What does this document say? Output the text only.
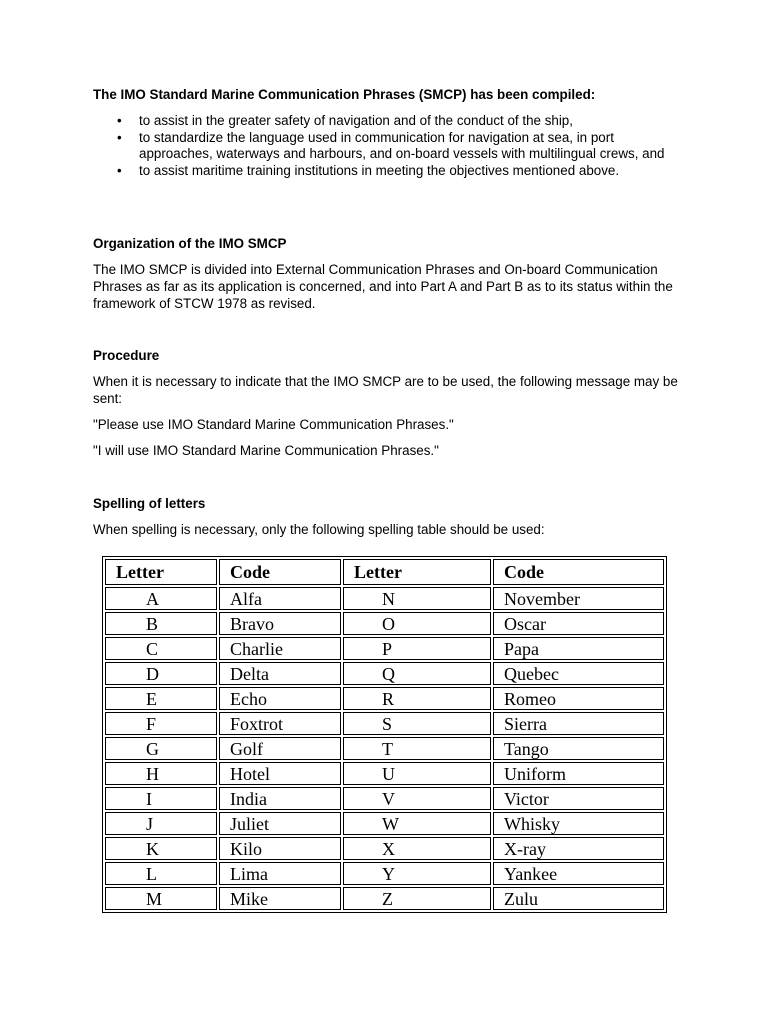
The IMO Standard Marine Communication Phrases (SMCP) has been compiled:

• to assist in the greater safety of navigation and of the conduct of the ship,
• to standardize the language used in communication for navigation at sea, in port approaches, waterways and harbours, and on-board vessels with multilingual crews, and
• to assist maritime training institutions in meeting the objectives mentioned above.

Organization of the IMO SMCP

The IMO SMCP is divided into External Communication Phrases and On-board Communication Phrases as far as its application is concerned, and into Part A and Part B as to its status within the framework of STCW 1978 as revised.

Procedure

When it is necessary to indicate that the IMO SMCP are to be used, the following message may be sent:

"Please use IMO Standard Marine Communication Phrases."

"I will use IMO Standard Marine Communication Phrases."

Spelling of letters

When spelling is necessary, only the following spelling table should be used:

Letter	Code	Letter	Code
A	Alfa	N	November
B	Bravo	O	Oscar
C	Charlie	P	Papa
D	Delta	Q	Quebec
E	Echo	R	Romeo
F	Foxtrot	S	Sierra
G	Golf	T	Tango
H	Hotel	U	Uniform
I	India	V	Victor
J	Juliet	W	Whisky
K	Kilo	X	X-ray
L	Lima	Y	Yankee
M	Mike	Z	Zulu
